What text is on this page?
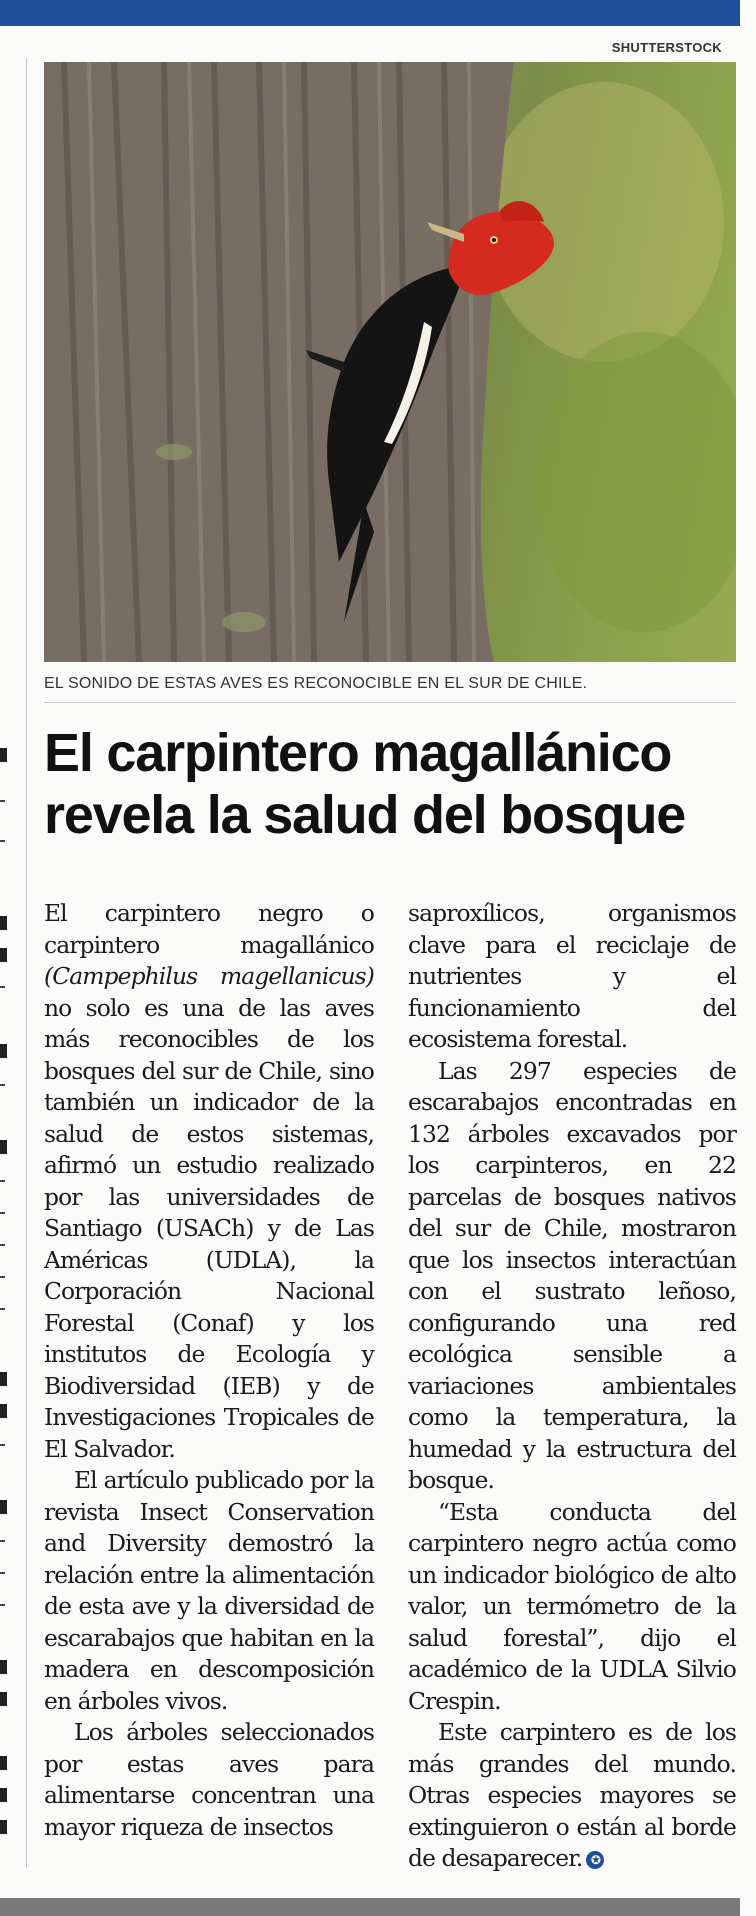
SHUTTERSTOCK
EL SONIDO DE ESTAS AVES ES RECONOCIBLE EN EL SUR DE CHILE.
El carpintero magallánico
revela la salud del bosque

El carpintero negro o carpintero magallánico (Campephilus magellanicus) no solo es una de las aves más reconocibles de los bosques del sur de Chile, sino también un indicador de la salud de estos sistemas, afirmó un estudio realizado por las universidades de Santiago (USACh) y de Las Américas (UDLA), la Corporación Nacional Forestal (Conaf) y los institutos de Ecología y Biodiversidad (IEB) y de Investigaciones Tropicales de El Salvador.

El artículo publicado por la revista Insect Conservation and Diversity demostró la relación entre la alimentación de esta ave y la diversidad de escarabajos que habitan en la madera en descomposición en árboles vivos.

Los árboles seleccionados por estas aves para alimentarse concentran una mayor riqueza de insectos

saproxílicos, organismos clave para el reciclaje de nutrientes y el funcionamiento del ecosistema forestal.

Las 297 especies de escarabajos encontradas en 132 árboles excavados por los carpinteros, en 22 parcelas de bosques nativos del sur de Chile, mostraron que los insectos interactúan con el sustrato leñoso, configurando una red ecológica sensible a variaciones ambientales como la temperatura, la humedad y la estructura del bosque.

“Esta conducta del carpintero negro actúa como un indicador biológico de alto valor, un termómetro de la salud forestal”, dijo el académico de la UDLA Silvio Crespin.

Este carpintero es de los más grandes del mundo. Otras especies mayores se extinguieron o están al borde de desaparecer. ✪
